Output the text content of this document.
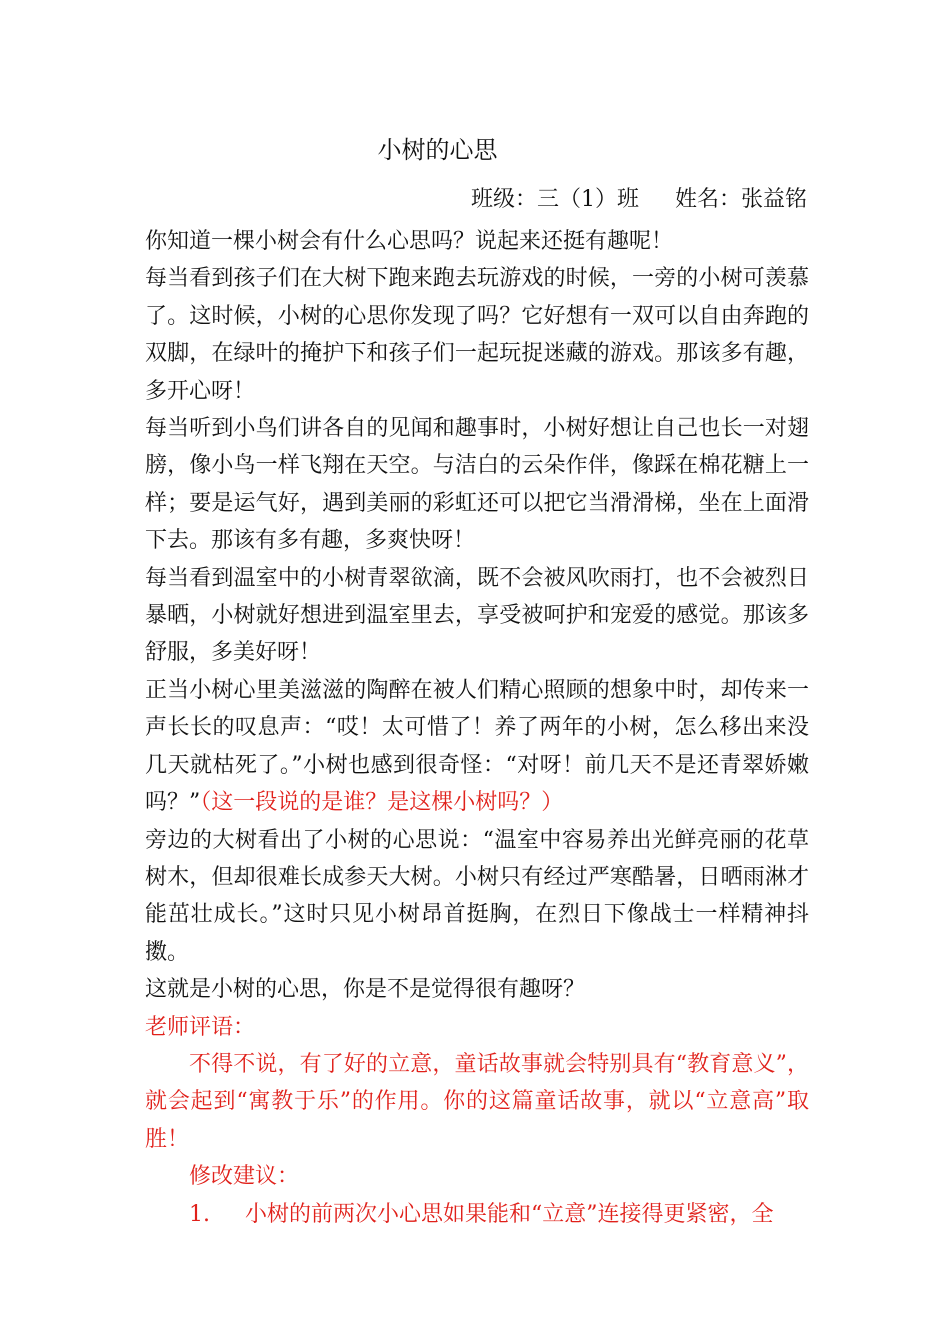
小树的心思
班级：三（1）班 姓名：张益铭

你知道一棵小树会有什么心思吗？说起来还挺有趣呢！

每当看到孩子们在大树下跑来跑去玩游戏的时候，一旁的小树可羡慕了。这时候，小树的心思你发现了吗？它好想有一双可以自由奔跑的双脚，在绿叶的掩护下和孩子们一起玩捉迷藏的游戏。那该多有趣，多开心呀！

每当听到小鸟们讲各自的见闻和趣事时，小树好想让自己也长一对翅膀，像小鸟一样飞翔在天空。与洁白的云朵作伴，像踩在棉花糖上一样；要是运气好，遇到美丽的彩虹还可以把它当滑滑梯，坐在上面滑下去。那该有多有趣，多爽快呀！

每当看到温室中的小树青翠欲滴，既不会被风吹雨打，也不会被烈日暴晒，小树就好想进到温室里去，享受被呵护和宠爱的感觉。那该多舒服，多美好呀！

正当小树心里美滋滋的陶醉在被人们精心照顾的想象中时，却传来一声长长的叹息声：“哎！太可惜了！养了两年的小树，怎么移出来没几天就枯死了。”小树也感到很奇怪：“对呀！前几天不是还青翠娇嫩吗？”（这一段说的是谁？是这棵小树吗？）

旁边的大树看出了小树的心思说：“温室中容易养出光鲜亮丽的花草树木，但却很难长成参天大树。小树只有经过严寒酷暑，日晒雨淋才能茁壮成长。”这时只见小树昂首挺胸，在烈日下像战士一样精神抖擞。

这就是小树的心思，你是不是觉得很有趣呀？

老师评语：

不得不说，有了好的立意，童话故事就会特别具有“教育意义”，就会起到“寓教于乐”的作用。你的这篇童话故事，就以“立意高”取胜！

修改建议：

1. 小树的前两次小心思如果能和“立意”连接得更紧密，全
